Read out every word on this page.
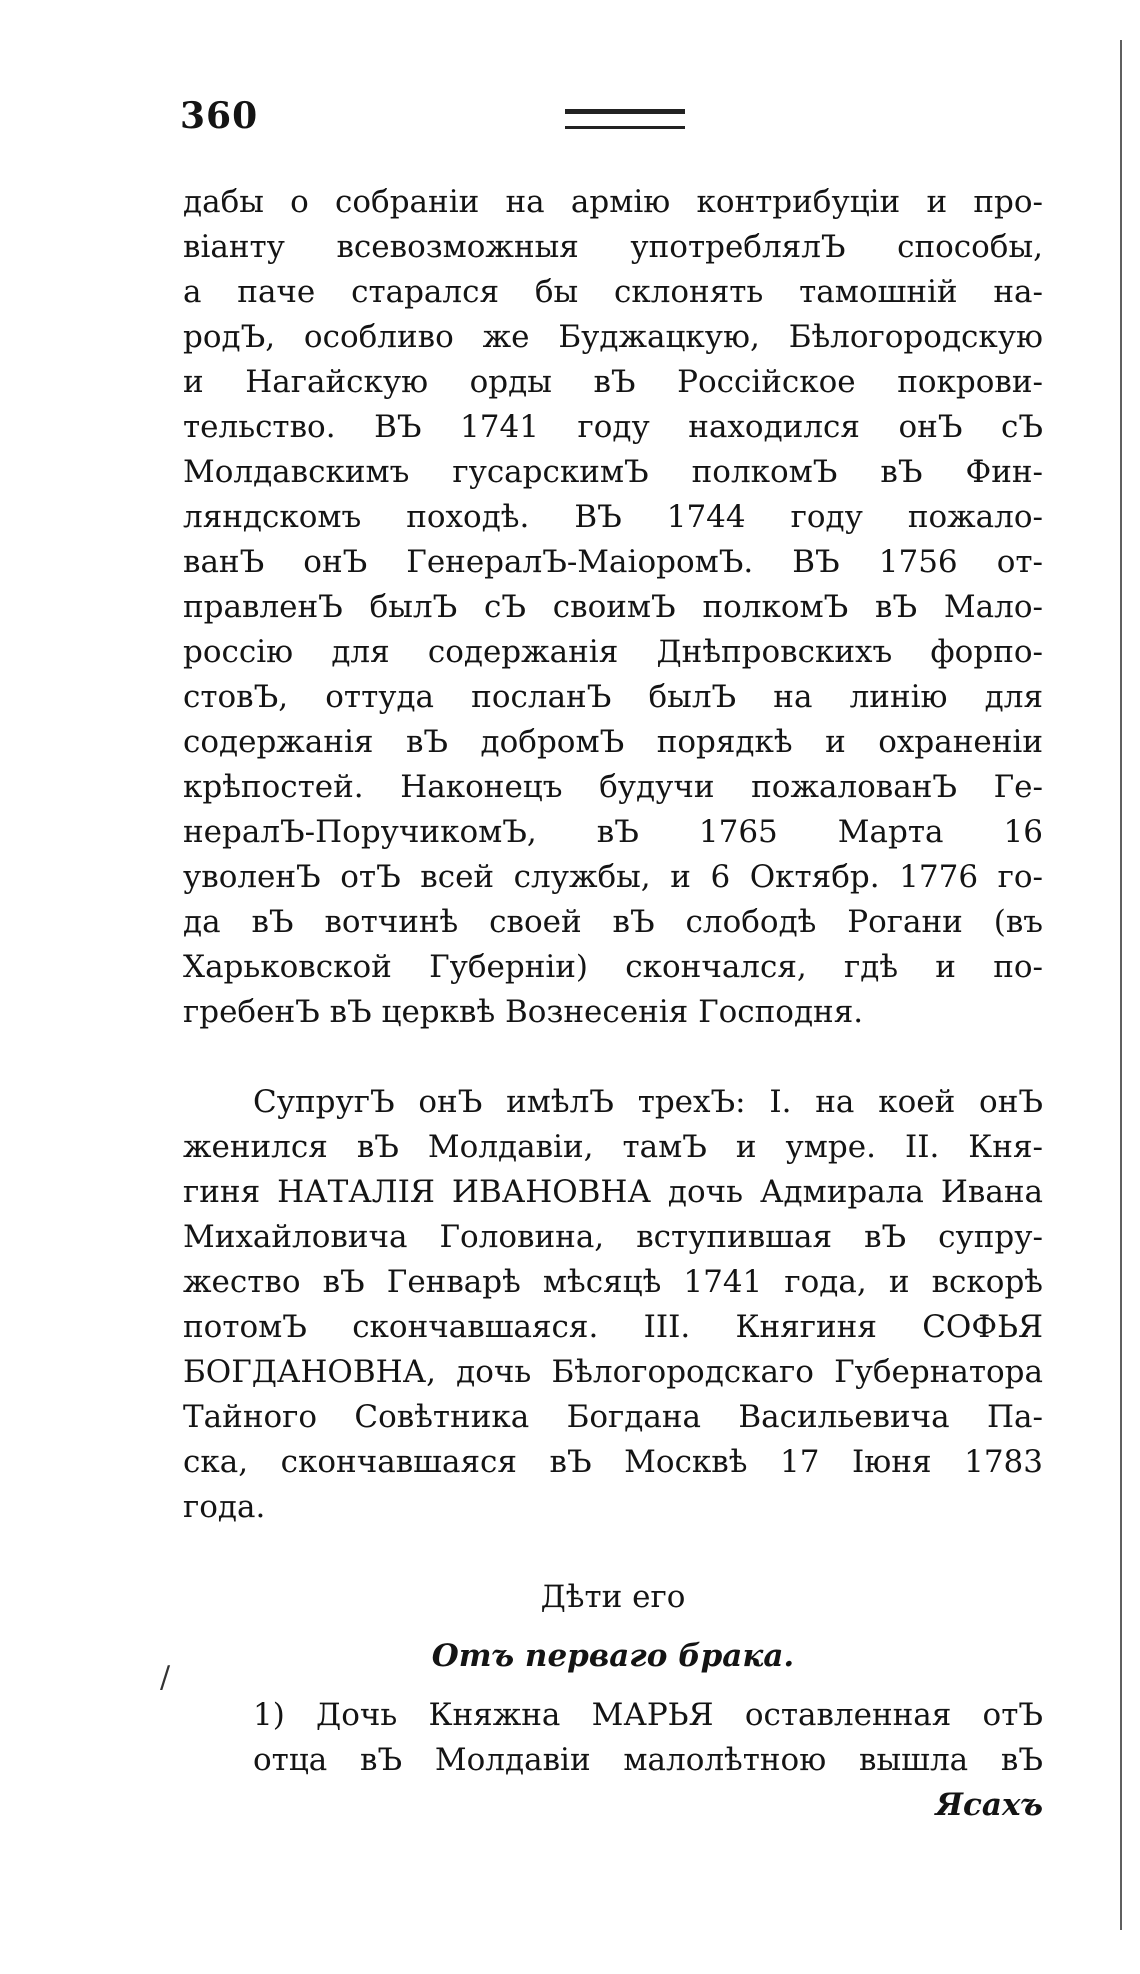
360
дабы о собраніи на армію контрибуціи и про-
віанту всевозможныя употреблялЪ способы,
а паче старался бы склонять тамошній на-
родЪ, особливо же Буджацкую, Бѣлогородскую
и Нагайскую орды вЪ Россійское покрови-
тельство. ВЪ 1741 году находился онЪ сЪ
Молдавскимъ гусарскимЪ полкомЪ вЪ Фин-
ляндскомъ походѣ. ВЪ 1744 году пожало-
ванЪ онЪ ГенералЪ-МаіоромЪ. ВЪ 1756 от-
правленЪ былЪ сЪ своимЪ полкомЪ вЪ Мало-
россію для содержанія Днѣпровскихъ форпо-
стовЪ, оттуда посланЪ былЪ на линію для
содержанія вЪ добромЪ порядкѣ и охраненіи
крѣпостей. Наконецъ будучи пожалованЪ Ге-
нералЪ-ПоручикомЪ, вЪ 1765 Марта 16
уволенЪ отЪ всей службы, и 6 Октябр. 1776 го-
да вЪ вотчинѣ своей вЪ слободѣ Рогани (въ
Харьковской Губерніи) скончался, гдѣ и по-
гребенЪ вЪ церквѣ Вознесенія Господня.
СупругЪ онЪ имѣлЪ трехЪ: I. на коей онЪ
женился вЪ Молдавіи, тамЪ и умре. II. Кня-
гиня НАТАЛІЯ ИВАНОВНА дочь Адмирала Ивана
Михайловича Головина, вступившая вЪ супру-
жество вЪ Генварѣ мѣсяцѣ 1741 года, и вскорѣ
потомЪ скончавшаяся. III. Княгиня СОФЬЯ
БОГДАНОВНА, дочь Бѣлогородскаго Губернатора
Тайного Совѣтника Богдана Васильевича Па-
ска, скончавшаяся вЪ Москвѣ 17 Іюня 1783
года.
Дѣти его
Отъ перваго брака.
1) Дочь Княжна МАРЬЯ оставленная отЪ
отца вЪ Молдавіи малолѣтною вышла вЪ
Ясахъ
/
